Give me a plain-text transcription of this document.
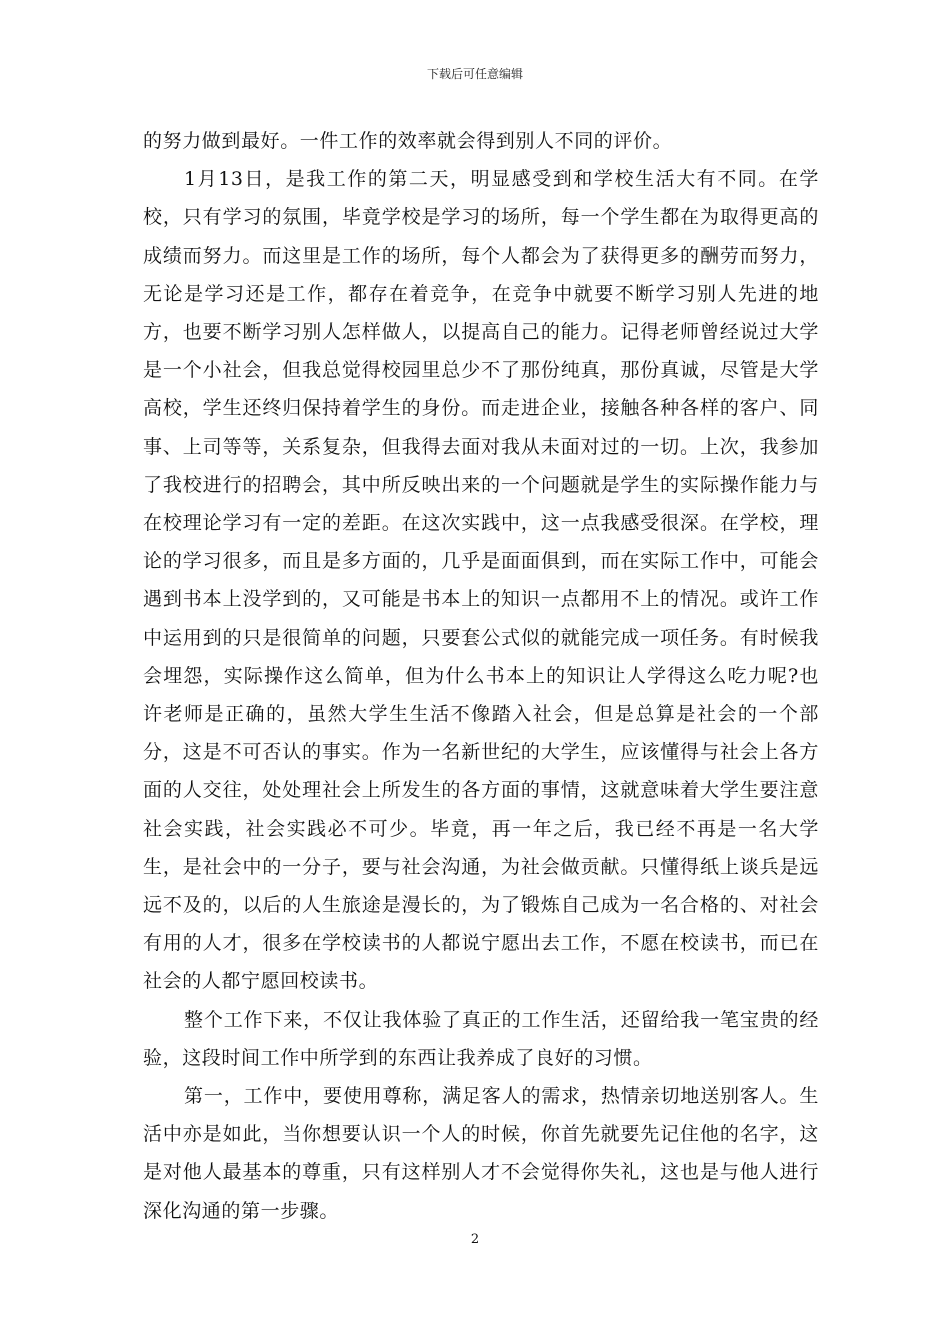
下载后可任意编辑

的努力做到最好。一件工作的效率就会得到别人不同的评价。

1月13日，是我工作的第二天，明显感受到和学校生活大有不同。在学校，只有学习的氛围，毕竟学校是学习的场所，每一个学生都在为取得更高的成绩而努力。而这里是工作的场所，每个人都会为了获得更多的酬劳而努力，无论是学习还是工作，都存在着竞争，在竞争中就要不断学习别人先进的地方，也要不断学习别人怎样做人，以提高自己的能力。记得老师曾经说过大学是一个小社会，但我总觉得校园里总少不了那份纯真，那份真诚，尽管是大学高校，学生还终归保持着学生的身份。而走进企业，接触各种各样的客户、同事、上司等等，关系复杂，但我得去面对我从未面对过的一切。上次，我参加了我校进行的招聘会，其中所反映出来的一个问题就是学生的实际操作能力与在校理论学习有一定的差距。在这次实践中，这一点我感受很深。在学校，理论的学习很多，而且是多方面的，几乎是面面俱到，而在实际工作中，可能会遇到书本上没学到的，又可能是书本上的知识一点都用不上的情况。或许工作中运用到的只是很简单的问题，只要套公式似的就能完成一项任务。有时候我会埋怨，实际操作这么简单，但为什么书本上的知识让人学得这么吃力呢?也许老师是正确的，虽然大学生生活不像踏入社会，但是总算是社会的一个部分，这是不可否认的事实。作为一名新世纪的大学生，应该懂得与社会上各方面的人交往，处处理社会上所发生的各方面的事情，这就意味着大学生要注意社会实践，社会实践必不可少。毕竟，再一年之后，我已经不再是一名大学生，是社会中的一分子，要与社会沟通，为社会做贡献。只懂得纸上谈兵是远远不及的，以后的人生旅途是漫长的，为了锻炼自己成为一名合格的、对社会有用的人才，很多在学校读书的人都说宁愿出去工作，不愿在校读书，而已在社会的人都宁愿回校读书。

整个工作下来，不仅让我体验了真正的工作生活，还留给我一笔宝贵的经验，这段时间工作中所学到的东西让我养成了良好的习惯。

第一，工作中，要使用尊称，满足客人的需求，热情亲切地送别客人。生活中亦是如此，当你想要认识一个人的时候，你首先就要先记住他的名字，这是对他人最基本的尊重，只有这样别人才不会觉得你失礼，这也是与他人进行深化沟通的第一步骤。

2
